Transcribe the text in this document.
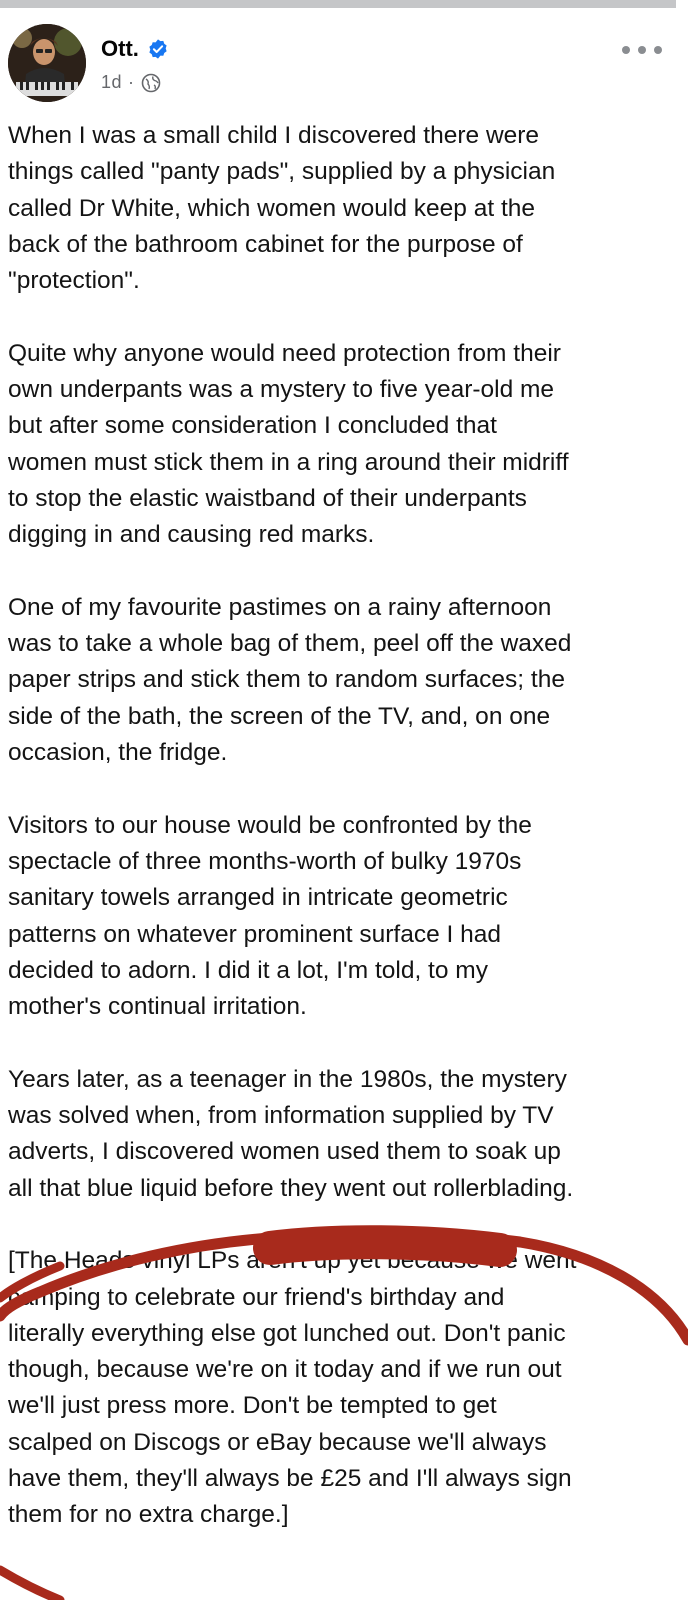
Ott.
1d ·

When I was a small child I discovered there were
things called "panty pads", supplied by a physician
called Dr White, which women would keep at the
back of the bathroom cabinet for the purpose of
"protection".

Quite why anyone would need protection from their
own underpants was a mystery to five year-old me
but after some consideration I concluded that
women must stick them in a ring around their midriff
to stop the elastic waistband of their underpants
digging in and causing red marks.

One of my favourite pastimes on a rainy afternoon
was to take a whole bag of them, peel off the waxed
paper strips and stick them to random surfaces; the
side of the bath, the screen of the TV, and, on one
occasion, the fridge.

Visitors to our house would be confronted by the
spectacle of three months-worth of bulky 1970s
sanitary towels arranged in intricate geometric
patterns on whatever prominent surface I had
decided to adorn. I did it a lot, I'm told, to my
mother's continual irritation.

Years later, as a teenager in the 1980s, the mystery
was solved when, from information supplied by TV
adverts, I discovered women used them to soak up
all that blue liquid before they went out rollerblading.

[The Heads vinyl LPs aren't up yet because we went
camping to celebrate our friend's birthday and
literally everything else got lunched out. Don't panic
though, because we're on it today and if we run out
we'll just press more. Don't be tempted to get
scalped on Discogs or eBay because we'll always
have them, they'll always be £25 and I'll always sign
them for no extra charge.]
